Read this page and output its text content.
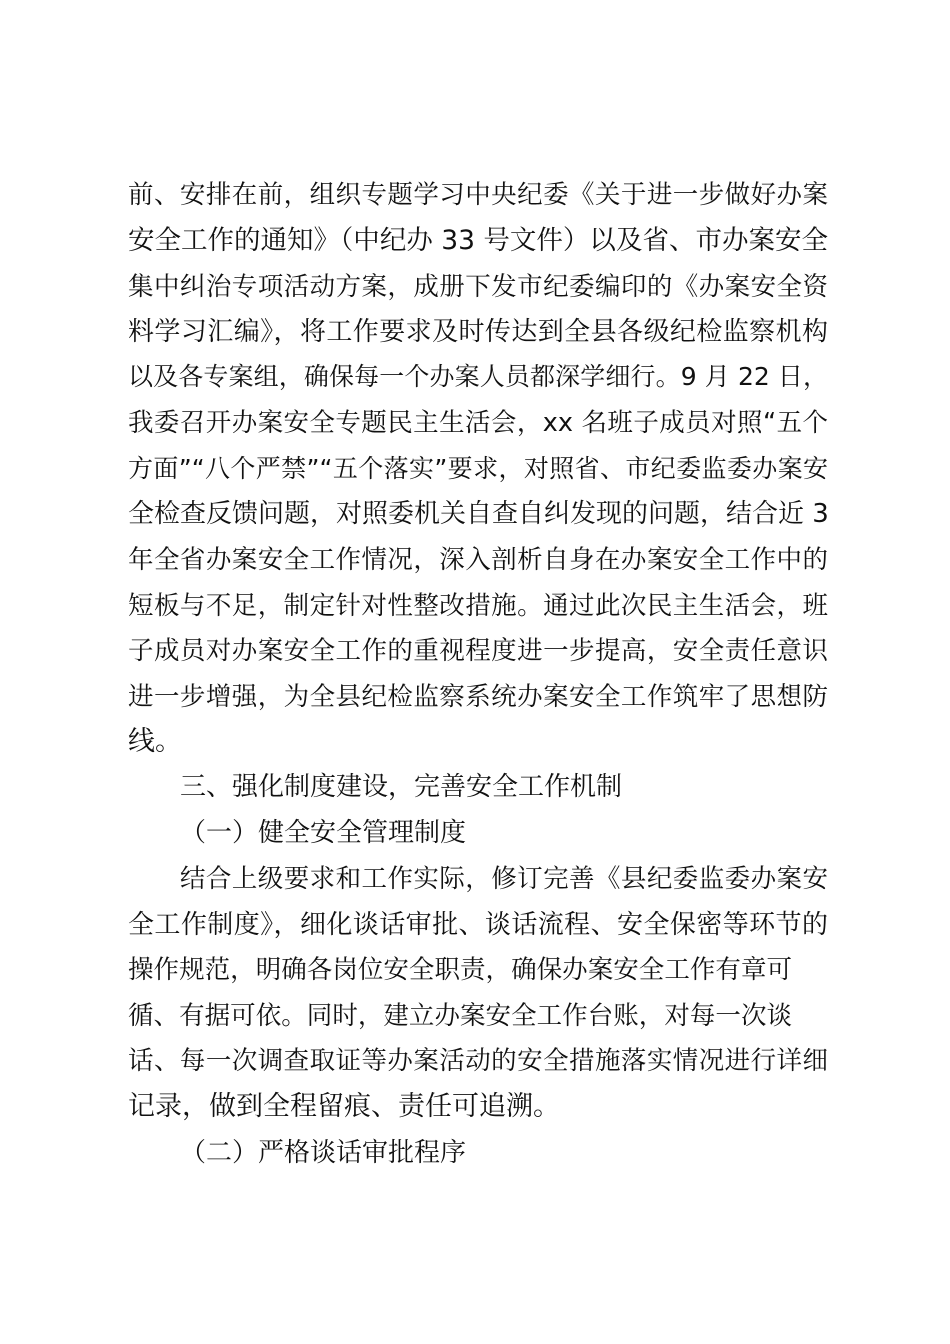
前、安排在前，组织专题学习中央纪委《关于进一步做好办案
安全工作的通知》（中纪办 33 号文件）以及省、市办案安全
集中纠治专项活动方案，成册下发市纪委编印的《办案安全资
料学习汇编》，将工作要求及时传达到全县各级纪检监察机构
以及各专案组，确保每一个办案人员都深学细行。9 月 22 日，
我委召开办案安全专题民主生活会，xx 名班子成员对照“五个
方面”“八个严禁”“五个落实”要求，对照省、市纪委监委办案安
全检查反馈问题，对照委机关自查自纠发现的问题，结合近 3
年全省办案安全工作情况，深入剖析自身在办案安全工作中的
短板与不足，制定针对性整改措施。通过此次民主生活会，班
子成员对办案安全工作的重视程度进一步提高，安全责任意识
进一步增强，为全县纪检监察系统办案安全工作筑牢了思想防
线。
三、强化制度建设，完善安全工作机制
（一）健全安全管理制度
结合上级要求和工作实际，修订完善《县纪委监委办案安
全工作制度》，细化谈话审批、谈话流程、安全保密等环节的
操作规范，明确各岗位安全职责，确保办案安全工作有章可
循、有据可依。同时，建立办案安全工作台账，对每一次谈
话、每一次调查取证等办案活动的安全措施落实情况进行详细
记录，做到全程留痕、责任可追溯。
（二）严格谈话审批程序
